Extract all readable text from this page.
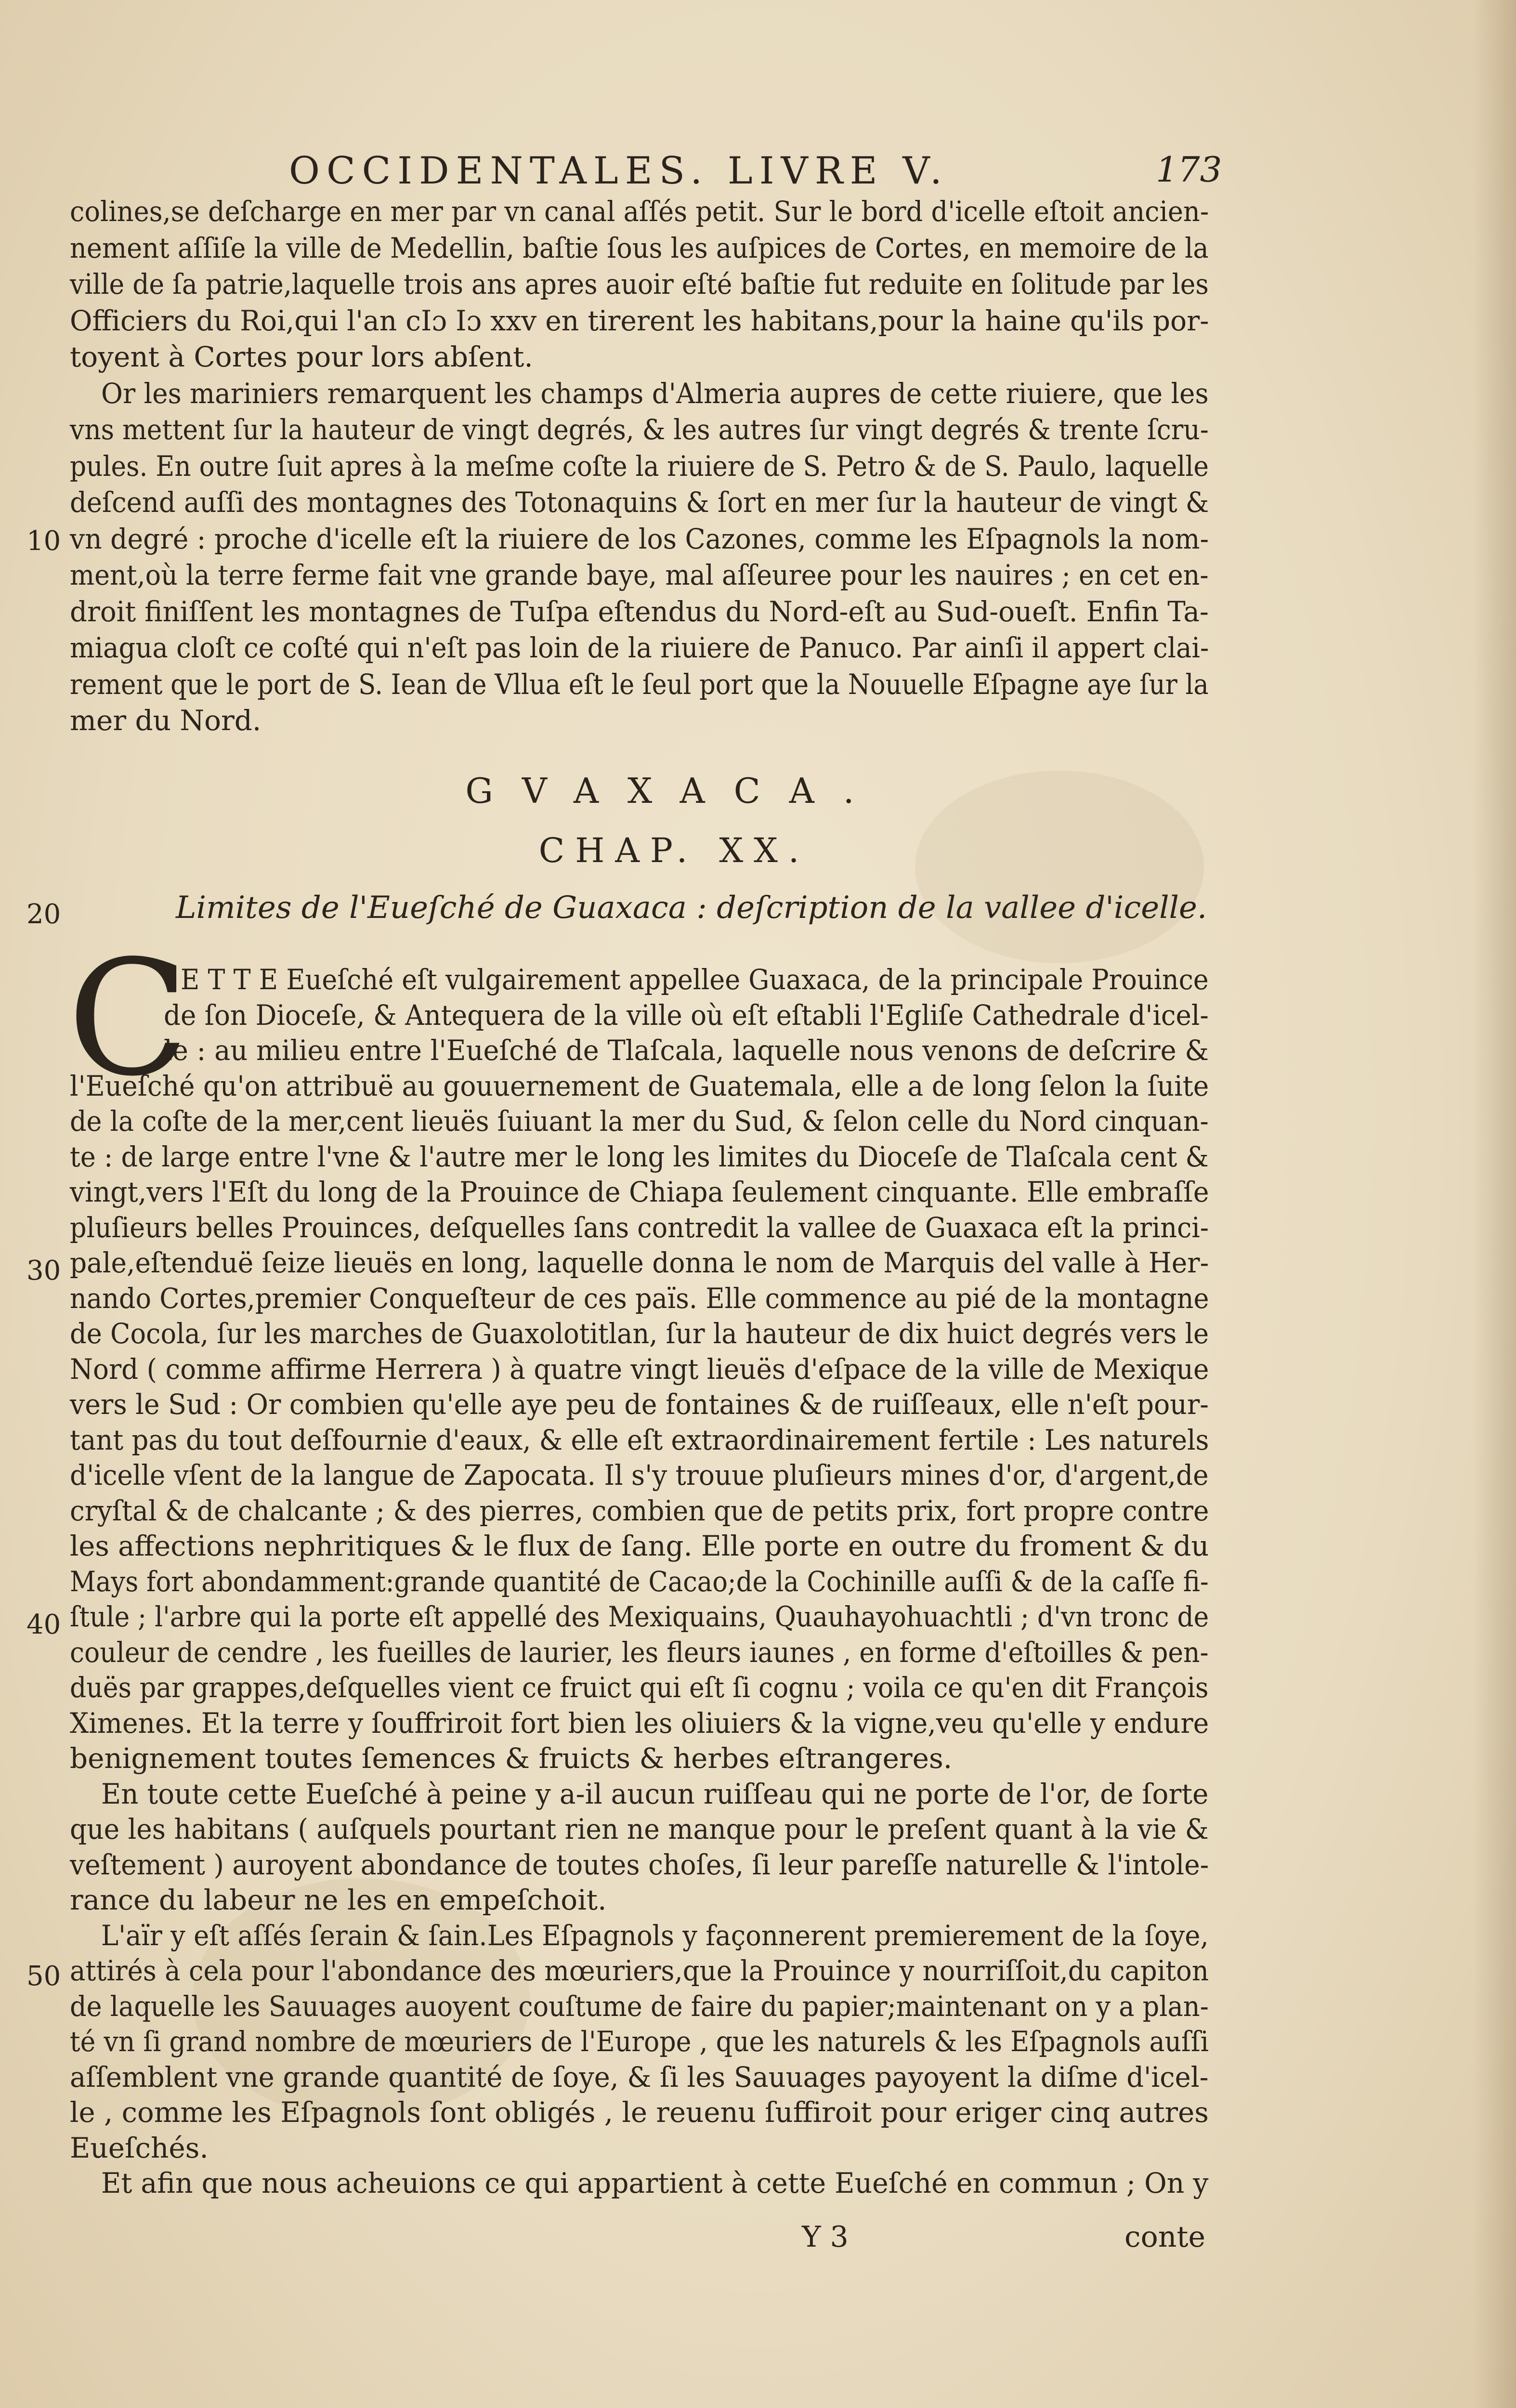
OCCIDENTALES. LIVRE V.	173
colines,se deſcharge en mer par vn canal aſſés petit. Sur le bord d'icelle eſtoit ancien-
nement aſſiſe la ville de Medellin, baſtie ſous les auſpices de Cortes, en memoire de la
ville de ſa patrie,laquelle trois ans apres auoir eſté baſtie fut reduite en ſolitude par les
Officiers du Roi,qui l'an cIɔ Iɔ xxv en tirerent les habitans,pour la haine qu'ils por-
toyent à Cortes pour lors abſent.
Or les mariniers remarquent les champs d'Almeria aupres de cette riuiere, que les
vns mettent ſur la hauteur de vingt degrés, & les autres ſur vingt degrés & trente ſcru-
pules. En outre ſuit apres à la meſme coſte la riuiere de S. Petro & de S. Paulo, laquelle
deſcend auſſi des montagnes des Totonaquins & ſort en mer ſur la hauteur de vingt &
vn degré : proche d'icelle eſt la riuiere de los Cazones, comme les Eſpagnols la nom-
ment,où la terre ferme fait vne grande baye, mal aſſeuree pour les nauires ; en cet en-
droit finiſſent les montagnes de Tuſpa eſtendus du Nord-eſt au Sud-oueſt. Enfin Ta-
miagua cloſt ce coſté qui n'eſt pas loin de la riuiere de Panuco. Par ainſi il appert clai-
rement que le port de S. Iean de Vllua eſt le ſeul port que la Nouuelle Eſpagne aye ſur la
mer du Nord.
GVAXACA.
CHAP. XX.
Limites de l'Eueſché de Guaxaca : deſcription de la vallee d'icelle.
C
E T T E Eueſché eſt vulgairement appellee Guaxaca, de la principale Prouince
de ſon Dioceſe, & Antequera de la ville où eſt eſtabli l'Egliſe Cathedrale d'icel-
le : au milieu entre l'Eueſché de Tlaſcala, laquelle nous venons de deſcrire &
l'Eueſché qu'on attribuë au gouuernement de Guatemala, elle a de long ſelon la ſuite
de la coſte de la mer,cent lieuës ſuiuant la mer du Sud, & ſelon celle du Nord cinquan-
te : de large entre l'vne & l'autre mer le long les limites du Dioceſe de Tlaſcala cent &
vingt,vers l'Eſt du long de la Prouince de Chiapa ſeulement cinquante. Elle embraſſe
pluſieurs belles Prouinces, deſquelles ſans contredit la vallee de Guaxaca eſt la princi-
pale,eſtenduë ſeize lieuës en long, laquelle donna le nom de Marquis del valle à Her-
nando Cortes,premier Conqueſteur de ces païs. Elle commence au pié de la montagne
de Cocola, ſur les marches de Guaxolotitlan, ſur la hauteur de dix huict degrés vers le
Nord ( comme affirme Herrera ) à quatre vingt lieuës d'eſpace de la ville de Mexique
vers le Sud : Or combien qu'elle aye peu de fontaines & de ruiſſeaux, elle n'eſt pour-
tant pas du tout deſfournie d'eaux, & elle eſt extraordinairement fertile : Les naturels
d'icelle vſent de la langue de Zapocata. Il s'y trouue pluſieurs mines d'or, d'argent,de
cryſtal & de chalcante ; & des pierres, combien que de petits prix, fort propre contre
les affections nephritiques & le flux de ſang. Elle porte en outre du froment & du
Mays fort abondamment:grande quantité de Cacao;de la Cochinille auſſi & de la caſſe fi-
ſtule ; l'arbre qui la porte eſt appellé des Mexiquains, Quauhayohuachtli ; d'vn tronc de
couleur de cendre , les fueilles de laurier, les fleurs iaunes , en forme d'eſtoilles & pen-
duës par grappes,deſquelles vient ce fruict qui eſt ſi cognu ; voila ce qu'en dit François
Ximenes. Et la terre y ſouffriroit fort bien les oliuiers & la vigne,veu qu'elle y endure
benignement toutes ſemences & fruicts & herbes eſtrangeres.
En toute cette Eueſché à peine y a-il aucun ruiſſeau qui ne porte de l'or, de ſorte
que les habitans ( auſquels pourtant rien ne manque pour le preſent quant à la vie &
veſtement ) auroyent abondance de toutes choſes, ſi leur pareſſe naturelle & l'intole-
rance du labeur ne les en empeſchoit.
L'aïr y eſt aſſés ſerain & ſain.Les Eſpagnols y façonnerent premierement de la ſoye,
attirés à cela pour l'abondance des mœuriers,que la Prouince y nourriſſoit,du capiton
de laquelle les Sauuages auoyent couſtume de faire du papier;maintenant on y a plan-
té vn ſi grand nombre de mœuriers de l'Europe , que les naturels & les Eſpagnols auſſi
aſſemblent vne grande quantité de ſoye, & ſi les Sauuages payoyent la diſme d'icel-
le , comme les Eſpagnols ſont obligés , le reuenu ſuffiroit pour eriger cinq autres
Eueſchés.
Et afin que nous acheuions ce qui appartient à cette Eueſché en commun ; On y
10
20
30
40
50
Y 3	conte
